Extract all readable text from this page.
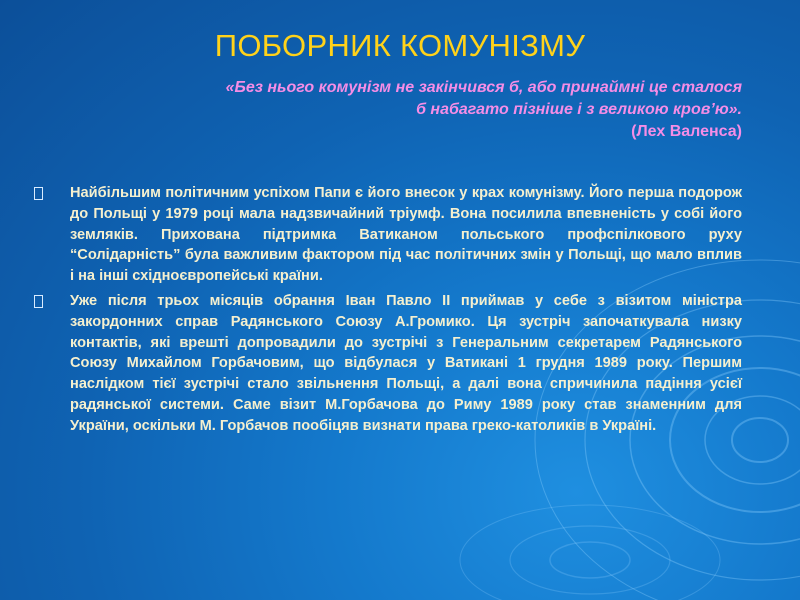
ПОБОРНИК КОМУНІЗМУ
«Без нього комунізм не закінчився б, або принаймні це сталося
б набагато пізніше і з великою кров’ю».
(Лех Валенса)
Найбільшим політичним успіхом Папи є його внесок у крах комунізму. Його перша подорож до Польщі у 1979 році мала надзвичайний тріумф. Вона посилила впевненість у собі його земляків. Прихована підтримка Ватиканом польського профспілкового руху “Солідарність” була важливим фактором під час політичних змін у Польщі, що мало вплив і на інші східноєвропейські країни.
Уже після трьох місяців обрання Іван Павло ІІ приймав у себе з візитом міністра закордонних справ Радянського Союзу А.Громико. Ця зустріч започаткувала низку контактів, які врешті допровадили до зустрічі з Генеральним секретарем Радянського Союзу Михайлом Горбачовим, що відбулася у Ватикані 1 грудня 1989 року. Першим наслідком тієї зустрічі стало звільнення Польщі, а далі вона спричинила падіння усієї радянської системи. Саме візит М.Горбачова до Риму 1989 року став знаменним для України, оскільки М. Горбачов пообіцяв визнати права греко-католиків в Україні.
